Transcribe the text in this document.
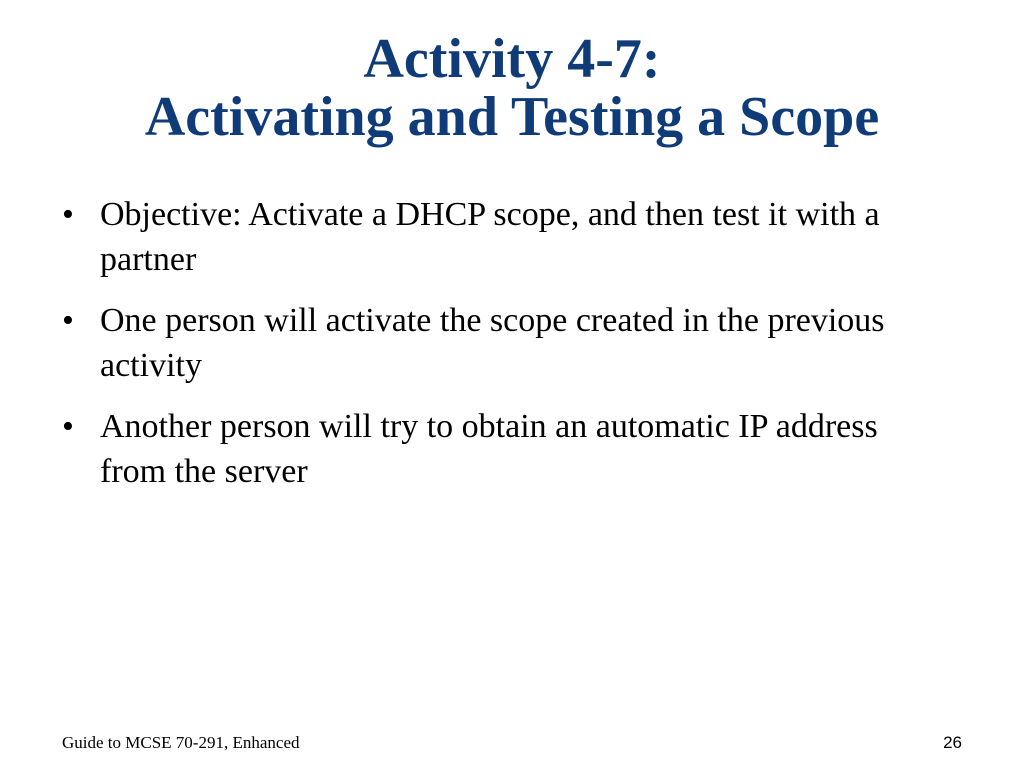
Activity 4-7:
Activating and Testing a Scope
• Objective: Activate a DHCP scope, and then test it with a partner
• One person will activate the scope created in the previous activity
• Another person will try to obtain an automatic IP address from the server
Guide to MCSE 70-291, Enhanced	26
